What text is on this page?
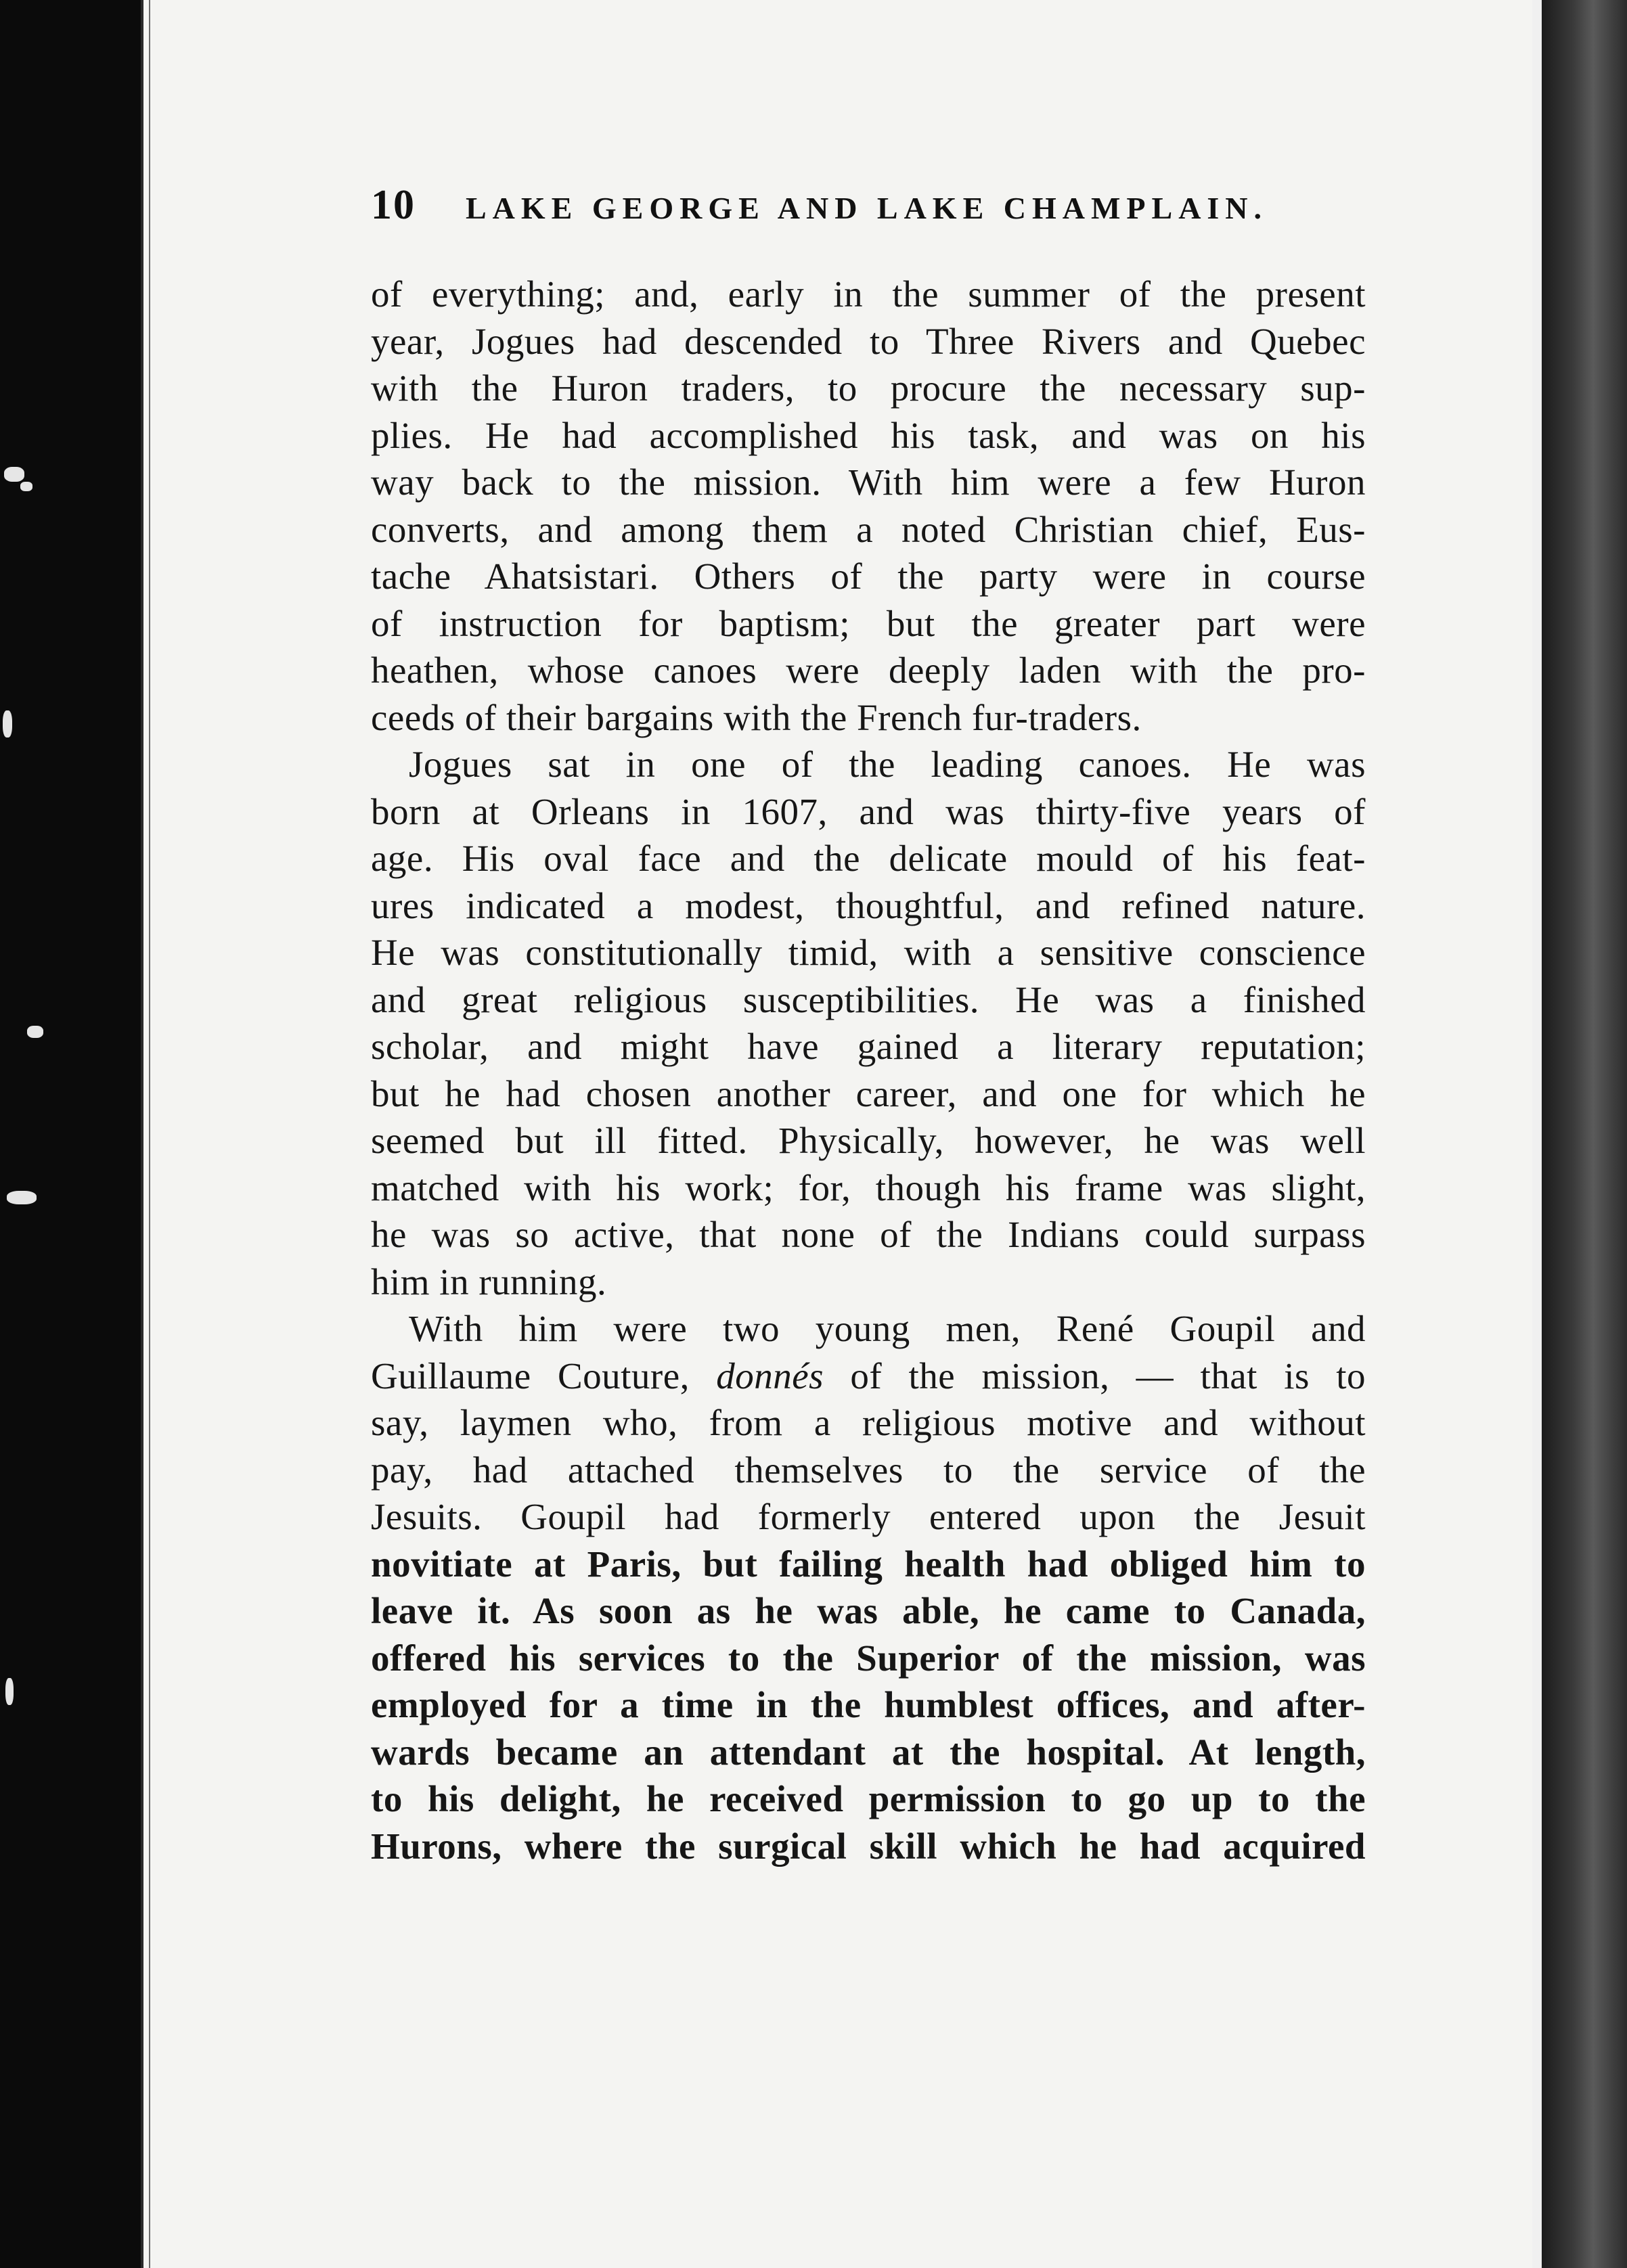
10	LAKE GEORGE AND LAKE CHAMPLAIN.
of everything; and, early in the summer of the present
year, Jogues had descended to Three Rivers and Quebec
with the Huron traders, to procure the necessary sup-
plies. He had accomplished his task, and was on his
way back to the mission. With him were a few Huron
converts, and among them a noted Christian chief, Eus-
tache Ahatsistari. Others of the party were in course
of instruction for baptism; but the greater part were
heathen, whose canoes were deeply laden with the pro-
ceeds of their bargains with the French fur-traders.
Jogues sat in one of the leading canoes. He was
born at Orleans in 1607, and was thirty-five years of
age. His oval face and the delicate mould of his feat-
ures indicated a modest, thoughtful, and refined nature.
He was constitutionally timid, with a sensitive conscience
and great religious susceptibilities. He was a finished
scholar, and might have gained a literary reputation;
but he had chosen another career, and one for which he
seemed but ill fitted. Physically, however, he was well
matched with his work; for, though his frame was slight,
he was so active, that none of the Indians could surpass
him in running.
With him were two young men, René Goupil and
Guillaume Couture, donnés of the mission, — that is to
say, laymen who, from a religious motive and without
pay, had attached themselves to the service of the
Jesuits. Goupil had formerly entered upon the Jesuit
novitiate at Paris, but failing health had obliged him to
leave it. As soon as he was able, he came to Canada,
offered his services to the Superior of the mission, was
employed for a time in the humblest offices, and after-
wards became an attendant at the hospital. At length,
to his delight, he received permission to go up to the
Hurons, where the surgical skill which he had acquired
